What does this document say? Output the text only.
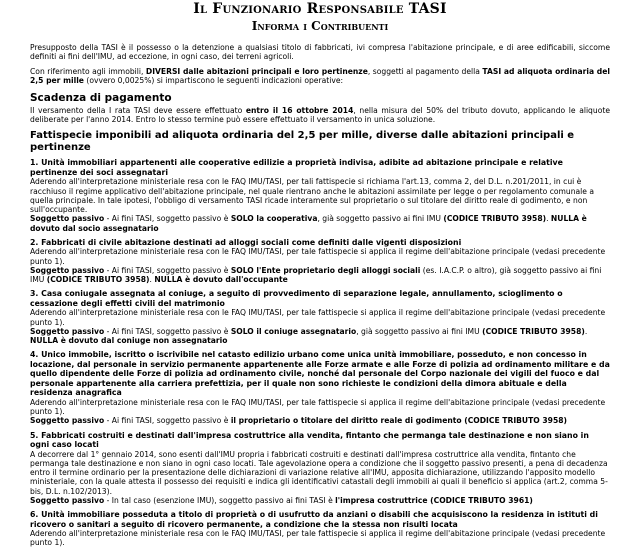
Il Funzionario Responsabile TASI
Informa i Contribuenti

Presupposto della TASI è il possesso o la detenzione a qualsiasi titolo di fabbricati, ivi compresa l'abitazione principale, e di aree edificabili, siccome definiti ai fini dell'IMU, ad eccezione, in ogni caso, dei terreni agricoli.

Con riferimento agli immobili, DIVERSI dalle abitazioni principali e loro pertinenze, soggetti al pagamento della TASI ad aliquota ordinaria del 2,5 per mille (ovvero 0,0025%) si impartiscono le seguenti indicazioni operative:

Scadenza di pagamento

Il versamento della I rata TASI deve essere effettuato entro il 16 ottobre 2014, nella misura del 50% del tributo dovuto, applicando le aliquote deliberate per l'anno 2014. Entro lo stesso termine può essere effettuato il versamento in unica soluzione.

Fattispecie imponibili ad aliquota ordinaria del 2,5 per mille, diverse dalle abitazioni principali e pertinenze
1. Unità immobiliari appartenenti alle cooperative edilizie a proprietà indivisa, adibite ad abitazione principale e relative pertinenze dei soci assegnatari
Aderendo all'interpretazione ministeriale resa con le FAQ IMU/TASI, per tali fattispecie si richiama l'art.13, comma 2, del D.L. n.201/2011, in cui è racchiuso il regime applicativo dell'abitazione principale, nel quale rientrano anche le abitazioni assimilate per legge o per regolamento comunale a quella principale. In tale ipotesi, l'obbligo di versamento TASI ricade interamente sul proprietario o sul titolare del diritto reale di godimento, e non sull'occupante.
Soggetto passivo - Ai fini TASI, soggetto passivo è SOLO la cooperativa, già soggetto passivo ai fini IMU (CODICE TRIBUTO 3958). NULLA è dovuto dal socio assegnatario
2. Fabbricati di civile abitazione destinati ad alloggi sociali come definiti dalle vigenti disposizioni
Aderendo all'interpretazione ministeriale resa con le FAQ IMU/TASI, per tale fattispecie si applica il regime dell'abitazione principale (vedasi precedente punto 1).
Soggetto passivo - Ai fini TASI, soggetto passivo è SOLO l'Ente proprietario degli alloggi sociali (es. I.A.C.P. o altro), già soggetto passivo ai fini IMU (CODICE TRIBUTO 3958). NULLA è dovuto dall'occupante
3. Casa coniugale assegnata al coniuge, a seguito di provvedimento di separazione legale, annullamento, scioglimento o cessazione degli effetti civili del matrimonio
Aderendo all'interpretazione ministeriale resa con le FAQ IMU/TASI, per tale fattispecie si applica il regime dell'abitazione principale (vedasi precedente punto 1).
Soggetto passivo - Ai fini TASI, soggetto passivo è SOLO il coniuge assegnatario, già soggetto passivo ai fini IMU (CODICE TRIBUTO 3958). NULLA è dovuto dal coniuge non assegnatario
4. Unico immobile, iscritto o iscrivibile nel catasto edilizio urbano come unica unità immobiliare, posseduto, e non concesso in locazione, dal personale in servizio permanente appartenente alle Forze armate e alle Forze di polizia ad ordinamento militare e da quello dipendente delle Forze di polizia ad ordinamento civile, nonché dal personale del Corpo nazionale dei vigili del fuoco e dal personale appartenente alla carriera prefettizia, per il quale non sono richieste le condizioni della dimora abituale e della residenza anagrafica
Aderendo all'interpretazione ministeriale resa con le FAQ IMU/TASI, per tale fattispecie si applica il regime dell'abitazione principale (vedasi precedente punto 1).
Soggetto passivo - Ai fini TASI, soggetto passivo è il proprietario o titolare del diritto reale di godimento (CODICE TRIBUTO 3958)
5. Fabbricati costruiti e destinati dall'impresa costruttrice alla vendita, fintanto che permanga tale destinazione e non siano in ogni caso locati
A decorrere dal 1° gennaio 2014, sono esenti dall'IMU propria i fabbricati costruiti e destinati dall'impresa costruttrice alla vendita, fintanto che permanga tale destinazione e non siano in ogni caso locati. Tale agevolazione opera a condizione che il soggetto passivo presenti, a pena di decadenza entro il termine ordinario per la presentazione delle dichiarazioni di variazione relative all'IMU, apposita dichiarazione, utilizzando l'apposito modello ministeriale, con la quale attesta il possesso dei requisiti e indica gli identificativi catastali degli immobili ai quali il beneficio si applica (art.2, comma 5-bis, D.L. n.102/2013).
Soggetto passivo - In tal caso (esenzione IMU), soggetto passivo ai fini TASI è l'impresa costruttrice (CODICE TRIBUTO 3961)
6. Unità immobiliare posseduta a titolo di proprietà o di usufrutto da anziani o disabili che acquisiscono la residenza in istituti di ricovero o sanitari a seguito di ricovero permanente, a condizione che la stessa non risulti locata
Aderendo all'interpretazione ministeriale resa con le FAQ IMU/TASI, per tale fattispecie si applica il regime dell'abitazione principale (vedasi precedente punto 1).
